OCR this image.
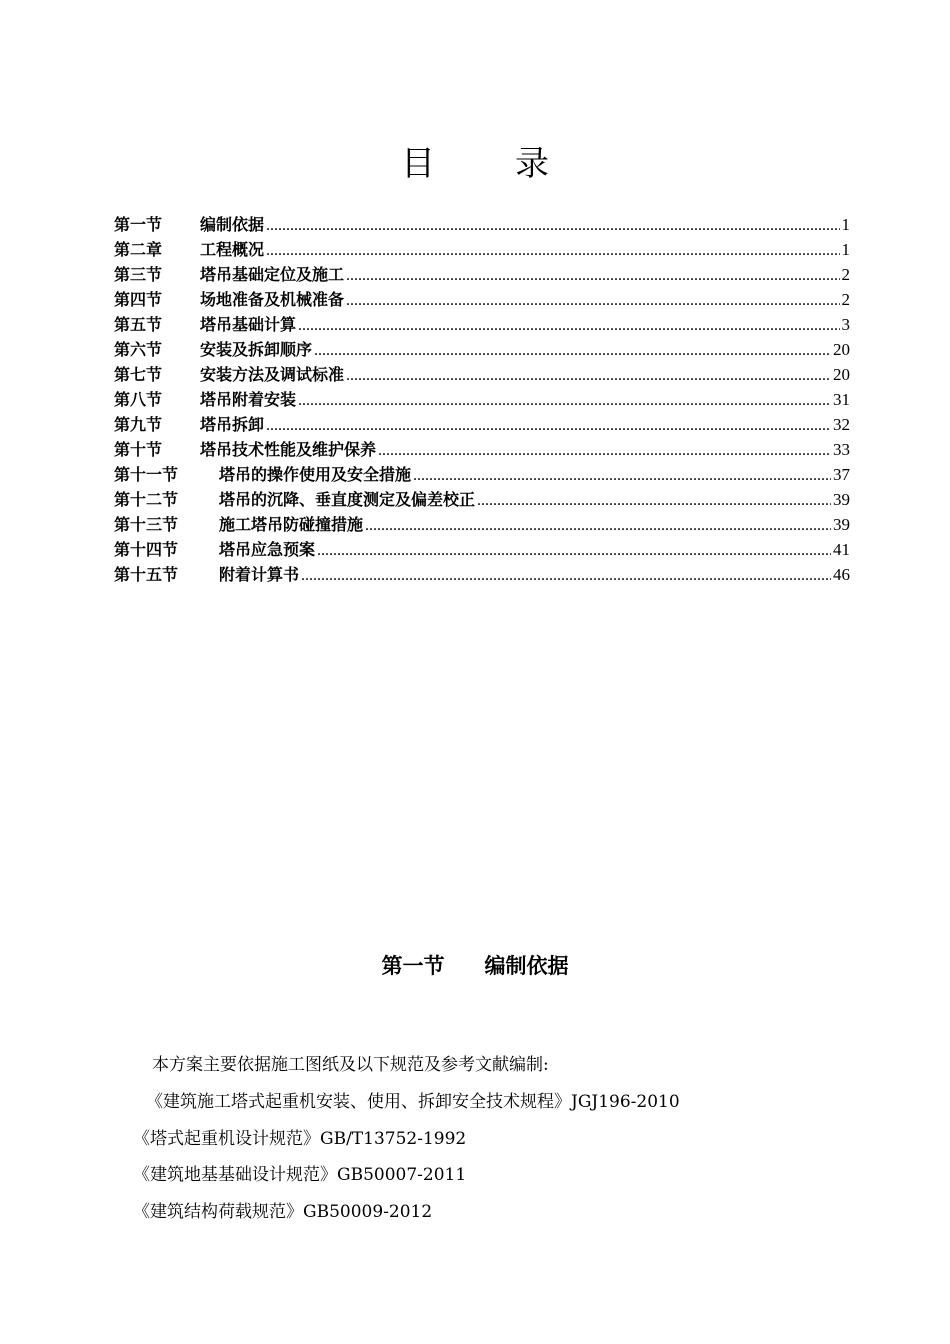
目 录
第一节	编制依据 .....	1
第二章	工程概况 .....	1
第三节	塔吊基础定位及施工 .....	2
第四节	场地准备及机械准备 .....	2
第五节	塔吊基础计算 .....	3
第六节	安装及拆卸顺序 .....	20
第七节	安装方法及调试标准 .....	20
第八节	塔吊附着安装 .....	31
第九节	塔吊拆卸 .....	32
第十节	塔吊技术性能及维护保养 .....	33
第十一节	塔吊的操作使用及安全措施 .....	37
第十二节	塔吊的沉降、垂直度测定及偏差校正 .....	39
第十三节	施工塔吊防碰撞措施 .....	39
第十四节	塔吊应急预案 .....	41
第十五节	附着计算书 .....	46
第一节 编制依据
本方案主要依据施工图纸及以下规范及参考文献编制:
《建筑施工塔式起重机安装、使用、拆卸安全技术规程》JGJ196-2010
《塔式起重机设计规范》GB/T13752-1992
《建筑地基基础设计规范》GB50007-2011
《建筑结构荷载规范》GB50009-2012
